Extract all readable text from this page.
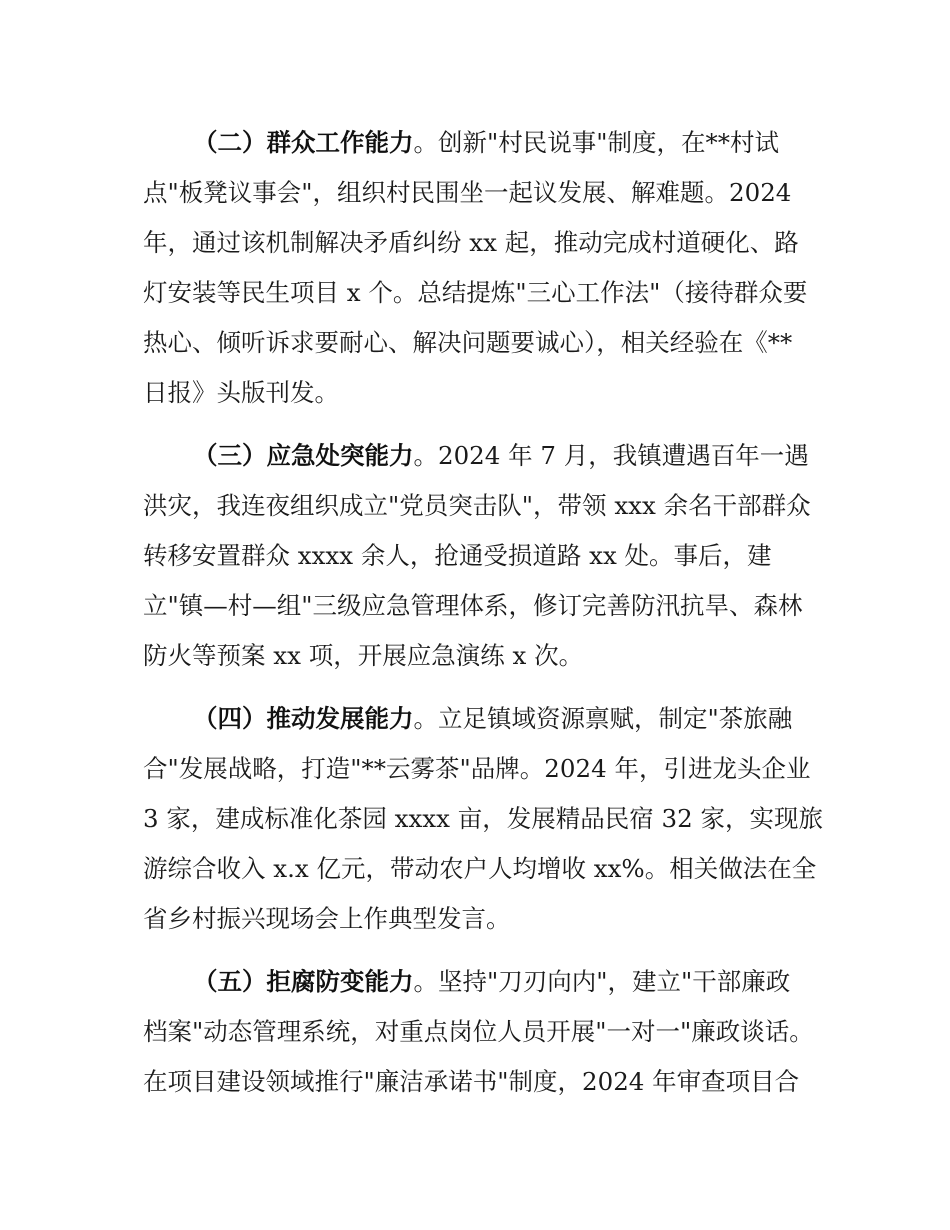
（二）群众工作能力。创新"村民说事"制度，在**村试
点"板凳议事会"，组织村民围坐一起议发展、解难题。2024
年，通过该机制解决矛盾纠纷 xx 起，推动完成村道硬化、路
灯安装等民生项目 x 个。总结提炼"三心工作法"（接待群众要
热心、倾听诉求要耐心、解决问题要诚心），相关经验在《**
日报》头版刊发。
（三）应急处突能力。2024 年 7 月，我镇遭遇百年一遇
洪灾，我连夜组织成立"党员突击队"，带领 xxx 余名干部群众
转移安置群众 xxxx 余人，抢通受损道路 xx 处。事后，建
立"镇—村—组"三级应急管理体系，修订完善防汛抗旱、森林
防火等预案 xx 项，开展应急演练 x 次。
（四）推动发展能力。立足镇域资源禀赋，制定"茶旅融
合"发展战略，打造"**云雾茶"品牌。2024 年，引进龙头企业
3 家，建成标准化茶园 xxxx 亩，发展精品民宿 32 家，实现旅
游综合收入 x.x 亿元，带动农户人均增收 xx%。相关做法在全
省乡村振兴现场会上作典型发言。
（五）拒腐防变能力。坚持"刀刃向内"，建立"干部廉政
档案"动态管理系统，对重点岗位人员开展"一对一"廉政谈话。
在项目建设领域推行"廉洁承诺书"制度，2024 年审查项目合
